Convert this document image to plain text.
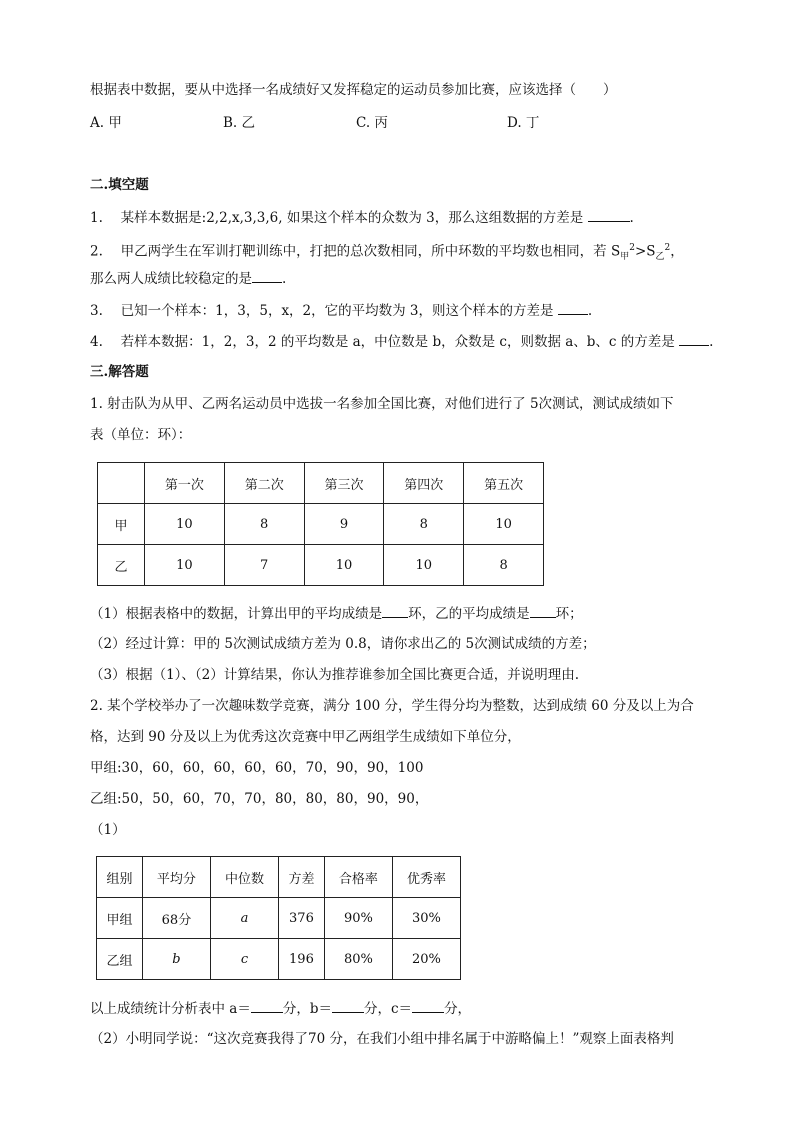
根据表中数据，要从中选择一名成绩好又发挥稳定的运动员参加比赛，应该选择（　　）
A. 甲	B. 乙	C. 丙	D. 丁
二.填空题
1.　 某样本数据是:2,2,x,3,3,6, 如果这个样本的众数为 3，那么这组数据的方差是	.
2.　 甲乙两学生在军训打靶训练中，打把的总次数相同，所中环数的平均数也相同，若 $S_甲^2>S_乙^2$，
那么两人成绩比较稳定的是 .
3.　 已知一个样本：1，3，5，x，2，它的平均数为 3，则这个样本的方差是	.
4.　 若样本数据：1，2，3，2 的平均数是 a，中位数是 b，众数是 c，则数据 a、b、c 的方差是	.
三.解答题
1. 射击队为从甲、乙两名运动员中选拔一名参加全国比赛，对他们进行了 5次测试，测试成绩如下
表（单位：环）：
	第一次	第二次	第三次	第四次	第五次
甲	10	8	9	8	10
乙	10	7	10	10	8
（1）根据表格中的数据，计算出甲的平均成绩是 环，乙的平均成绩是 环；
（2）经过计算：甲的 5次测试成绩方差为 0.8，请你求出乙的 5次测试成绩的方差；
（3）根据（1）、（2）计算结果，你认为推荐谁参加全国比赛更合适，并说明理由.
2. 某个学校举办了一次趣味数学竞赛，满分 100 分，学生得分均为整数，达到成绩 60 分及以上为合
格，达到 90 分及以上为优秀这次竞赛中甲乙两组学生成绩如下单位分，
甲组:30，60，60，60，60，60，70，90，90，100
乙组:50，50，60，70，70，80，80，80，90，90，
（1）
组别	平均分	中位数	方差	合格率	优秀率
甲组	68分	a	376	90%	30%
乙组	b	c	196	80%	20%
以上成绩统计分析表中 a＝ 分，b＝ 分，c＝ 分，
（2）小明同学说：“这次竞赛我得了70 分，在我们小组中排名属于中游略偏上！”观察上面表格判
